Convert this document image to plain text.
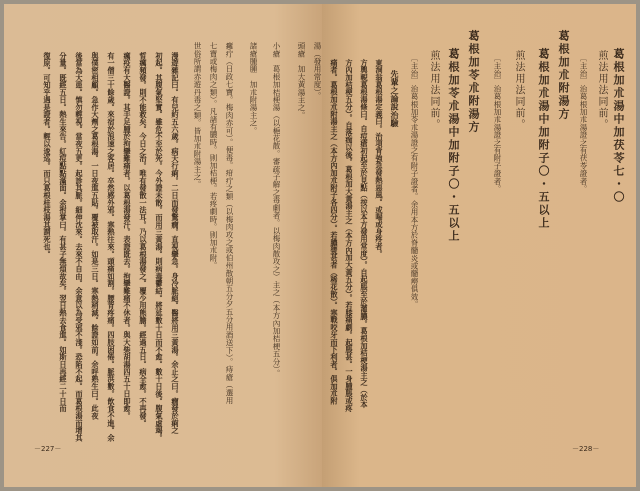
湯（發用常度）。
頭瘡　加大黃湯主之。
小瘡　葛根加桔梗湯（以梔花散。審疏子解之毒劇者。以梅肉散攻之）主之（本方內加桔梗五分）。
諸瘡腫腫　加朮附湯主之。
癰疔（日政七寶。梅肉赤可）。便毒。疳疔之類（以梅肉攻之或伯州散朝五分夕五分用酒送下）。痔瘡（選用
七寶或梅肉之類）。凡諸有膿時。則加桔梗。若疼劇時。則加朮附。
世俗所謂赤遊丹毒之類。皆加朮附湯主之。
漫遊雜記曰。有兒約五六歲。病天行痢。二日而發驚癇。直視攣急。身冷脈絕。醫將用三黃湯。余止之曰。癇發於痢之
初起。其腹氣堅實。雖危不至於死。今外證未散。而用三黃湯。則病毒鬱結。將延數十日而不愈。數十日後。腹氣虛竭。
晢癘頻發。則不能救矣。今日之治。唯有發散一法耳。乃以葛根湯發之。覆少用熊膽。經過五日。病全愈。不再發。
癘疫有大醫證。其手足腫於拘攣難痛者。以葛根湯發汗。表證既去。拘攣難痛不休者。與大柴胡湯四五十日即愈。
有一僧三十餘歲。來宿於浪速之客居。卒然感外邪。寒熱往來。頭痛如割。腰背疼痛。四肢困倦。脈洪數。飲食不進。余
與僕密相顧。急作大劑之葛根湯。一日夜進五貼。覆被取汗。如是三日。寒熱稍減。餘證如前。余呼熟生曰。此夜
後當為大患。慎勿輕視。當夜五更。起診其脈。細伸沈來。去來不自由。余意以為受邪不淺。恐陷不起。而葛根湯而增其
分量。既經五日。熱生來告。紅痘點點滿面。余拊掌曰。有甚子無煩故矣。翌日熱去食進。如斯日再經二十日而
復原。可知乎遇是證者。輕以逡巡。而只葛根桂枝湯其謂死也。
－227－
葛根加朮湯中加茯苓七・〇
煎法用法同前。
〔主治〕治葛根加朮湯證之有茯苓證者。
葛根加朮附湯方
葛根加朮湯中加附子〇・五以上
煎法用法同前。
〔主治〕治葛根加朮湯證之有附子證者。
葛根加苓朮附湯方
葛根加苓朮湯中加附子〇・五以上
煎法用法同前。
〔主治〕治葛根加苓朮湯證之有附子證者。余用本方於脊髓炎或髓癆俱效。
先輩之論說治驗
東洞翁葛根湯定義曰。治項背強急發熱惡風。或喘或身疼者。
方輿輗葛根湯條曰。自痘瘡初起至於見點（按以本方發用常度）。自起脹至於灌膿。葛根加桔梗湯主之（於本
方內加桔梗五分）。自落痂以後。葛根加大黃湯主之（本方內加大黃五分）。若膝痛劇。起脹甚。一身腫脹或疼
痛者。葛根加朮附湯主之（本方內加朮附子各四分）。若膿漿甚者（稀花散）。寒戰咬牙而下利者。俱加朮附
－228－
